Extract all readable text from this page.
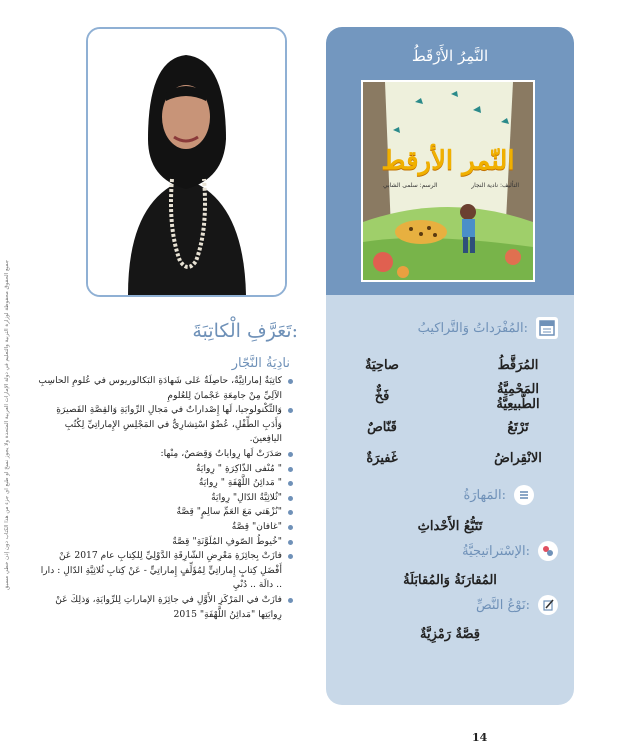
جميع الحقوق محفوظة لوزارة التربية والتعليم في دولة الإمارات العربية المتحدة ولا يجوز نسخ أو طبع أي جزء من هذا الكتاب دون إذن خطي مسبق
النَّمِرُ الأَرْقَطُ
النّمر الأرقط
التأليف: نادية النجار
الرسم: سلمى الشابي
المُفْرَداتُ وَالتَّراكيبُ:
المُرَقَّطُ
صاحِيَةٌ
المَحْمِيَّةُ الطَّبيعِيَّةُ
فَخٌّ
تَرْتَعُ
قَنّاصٌ
الانْقِراضُ
غَفيرَةٌ
المَهارَةُ:
تَتَبُّعُ الأَحْداثِ
الإسْتراتيجيَّةُ:
المُقارَنَةُ وَالمُقابَلَةُ
نَوْعُ النَّصِّ:
قِصَّةٌ رَمْزِيَّةٌ
تَعَرَّفِ الْكاتِبَةَ:
نادِيَةُ النَّجّار
كاتِبَةٌ إماراتِيَّةٌ، حاصِلَةٌ عَلى شَهادَةِ البَكالوريوس في عُلومِ الحاسِبِ الآلِيِّ مِنْ جامِعَةِ عَجْمانَ لِلعُلومِ
وَالتِّكْنولوجيا، لَها إِصْداراتٌ في مَجالِ الرِّوايَةِ وَالقِصَّةِ القَصيرَةِ وَأَدَبِ الطِّفْلِ، عُضْوٌ اسْتِشارِيٌّ في المَجْلِسِ الإِماراتِيِّ لِكُتُبِ اليافِعينَ.
صَدَرَتْ لَها رِواياتٌ وَقِصَصٌ، مِنْها:
" مُنْفى الذّاكِرَةِ " رِوايَةٌ
" مَدائِنُ اللَّهْفَةِ " رِوايَةٌ
"ثُلاثِيَّةُ الدّالِ" رِوايَةٌ
"نُزْهَتي مَعَ العَمِّ سالِمٍ" قِصَّةٌ
"غافان" قِصَّةٌ
"خُيوطُ الصّوفِ المُلَوَّنَةِ" قِصَّةٌ
فازَتْ بِجائِزَةِ مَعْرِضِ الشّارِقَةِ الدَّوْلِيِّ لِلكِتابِ عام 2017 عَنْ أَفْضَلِ كِتابٍ إِماراتِيٍّ لِمُؤَلِّفٍ إِماراتِيٍّ - عَنْ كِتابِ ثُلاثِيَّةِ الدّالِ : دارا .. دالَة .. دُنْيِ
فازَتْ في المَرْكَزِ الأَوَّلِ في جائِزَةِ الإماراتِ لِلرِّوايَةِ، وَذلِكَ عَنْ رِوايَتِها "مَدائِنُ اللَّهْفَةِ" 2015
14
